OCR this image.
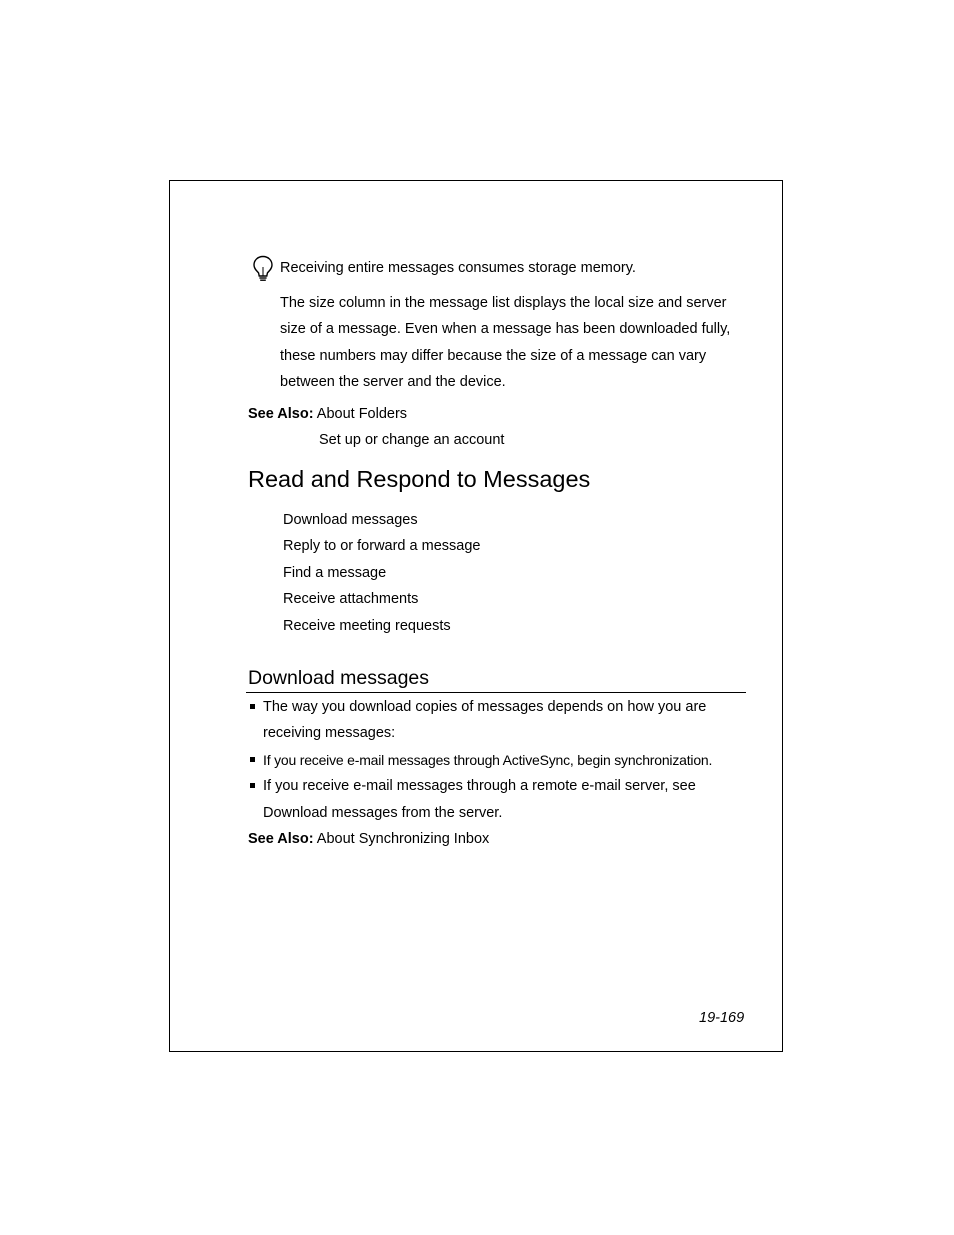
Receiving entire messages consumes storage memory.
The size column in the message list displays the local size and server size of a message. Even when a message has been downloaded fully, these numbers may differ because the size of a message can vary between the server and the device.
See Also: About Folders
Set up or change an account
Read and Respond to Messages
Download messages
Reply to or forward a message
Find a message
Receive attachments
Receive meeting requests
Download messages
The way you download copies of messages depends on how you are receiving messages:
If you receive e-mail messages through ActiveSync, begin synchronization.
If you receive e-mail messages through a remote e-mail server, see Download messages from the server.
See Also: About Synchronizing Inbox
19-169
